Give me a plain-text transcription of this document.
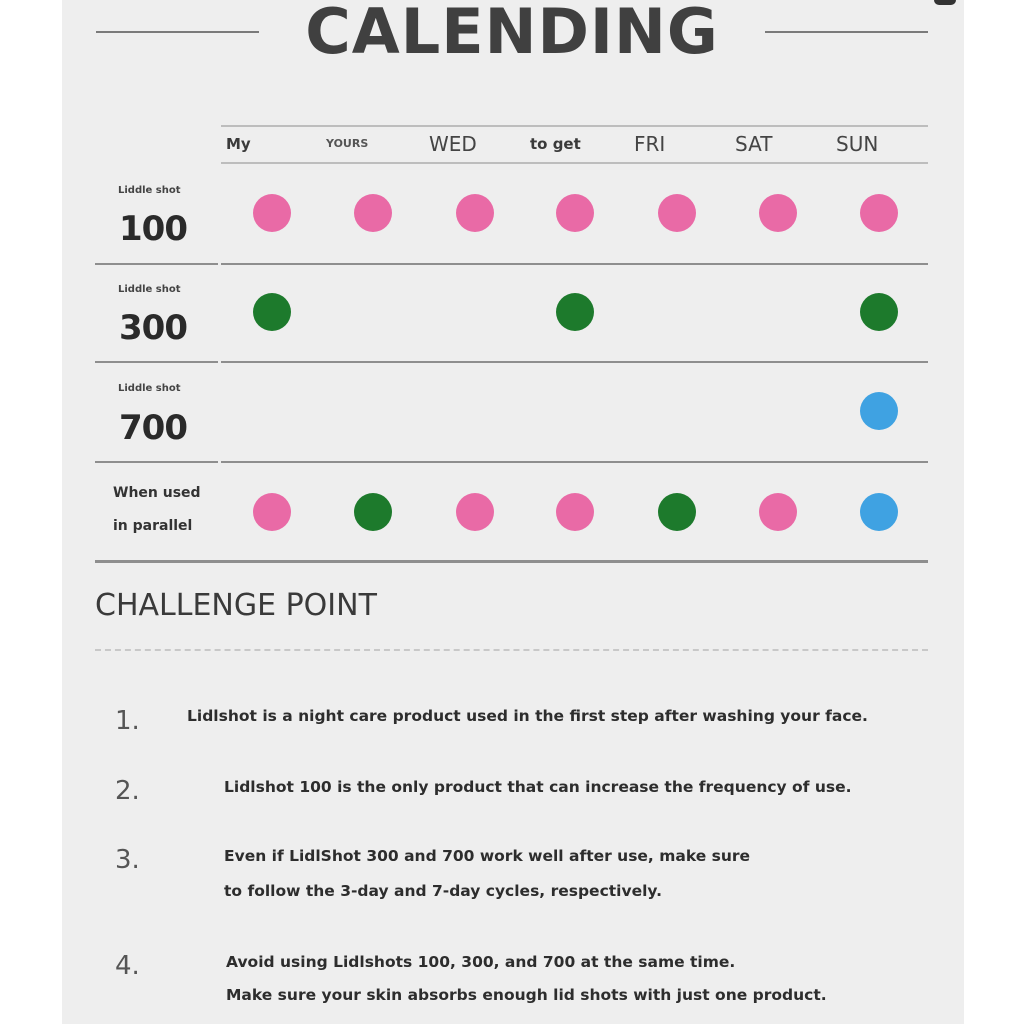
CALENDING
My	YOURS	WED	to get	FRI	SAT	SUN
Liddle shot
100
Liddle shot
300
Liddle shot
700
When used
in parallel
CHALLENGE POINT
1.	Lidlshot is a night care product used in the first step after washing your face.
2.	Lidlshot 100 is the only product that can increase the frequency of use.
3.	Even if LidlShot 300 and 700 work well after use, make sure
to follow the 3-day and 7-day cycles, respectively.
4.	Avoid using Lidlshots 100, 300, and 700 at the same time.
Make sure your skin absorbs enough lid shots with just one product.
